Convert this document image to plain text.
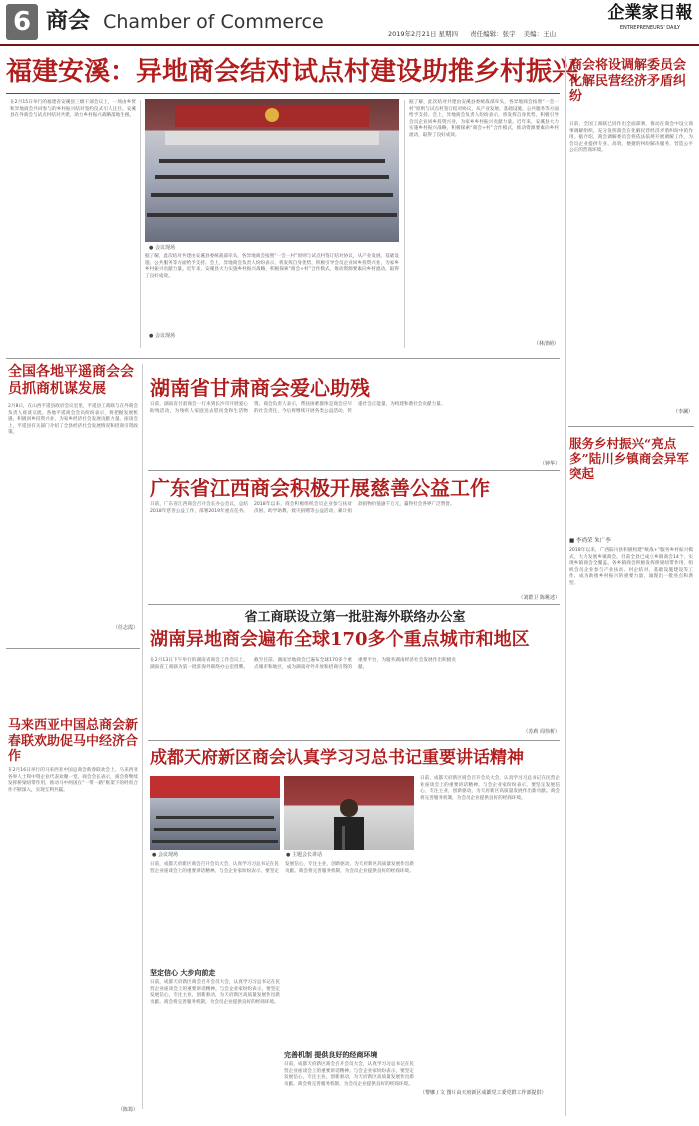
6 商会 Chamber of Commerce
2019年2月21日 星期四 责任编辑：张宇 美编：王山
企業家日報
ENTREPRENEURS' DAILY
福建安溪：异地商会结对试点村建设助推乡村振兴
在2月15日举行的福建省安溪县三级干部会议上，一场由乡贤和异地商会共同参与的乡村振兴结对签约仪式引人注目。安溪县在外商会与试点村结对共建，助力乡村振兴战略落地生根。
● 会议现场
● 会议现场
据了解，此次结对共建由安溪县委统战部牵头，各异地商会按照“一会一村”原则与试点村签订结对协议，从产业发展、基础设施、公共服务等方面给予支持。会上，异地商会负责人纷纷表示，将发挥自身优势，积极引导会员企业回乡投资兴业，为家乡乡村振兴贡献力量。近年来，安溪县大力实施乡村振兴战略，积极探索“商会+村”合作模式，推动资源要素向乡村流动，取得了良好成效。
据了解，此次结对共建由安溪县委统战部牵头，各异地商会按照“一会一村”原则与试点村签订结对协议，从产业发展、基础设施、公共服务等方面给予支持。会上，异地商会负责人纷纷表示，将发挥自身优势，积极引导会员企业回乡投资兴业，为家乡乡村振兴贡献力量。近年来，安溪县大力实施乡村振兴战略，积极探索“商会+村”合作模式，推动资源要素向乡村流动，取得了良好成效。
（林清萌）
商会将设调解委员会化解民营经济矛盾纠纷
日前，全国工商联已同作出全面部署，推动在商会中设立商事调解组织，充分发挥商会在化解民营经济矛盾纠纷中的作用。据介绍，商会调解委员会将依法依规开展调解工作，为会员企业提供专业、高效、便捷的纠纷解决服务，营造公平公正的营商环境。
（李澜）
全国各地平遥商会会员抓商机谋发展
2月8日，在山西平遥县政府会议室里，平遥县工商联与在外商会负责人座谈交流。各地平遥商会会员纷纷表示，将把握发展机遇，积极回乡投资兴业，为家乡经济社会发展贡献力量。座谈会上，平遥县有关部门介绍了全县经济社会发展情况和招商引资政策。
（任志霞）
湖南省甘肃商会爱心助残
日前，湖南省甘肃商会一行来到长沙市开展爱心助残活动，为残疾人家庭送去慰问金和生活物资。商会负责人表示，帮扶困难群体是商会应尽的社会责任，今后将继续开展各类公益活动，传递社会正能量，为构建和谐社会贡献力量。
（钟华）
广东省江西商会积极开展慈善公益工作
日前，广东省江西商会召开会长办公会议，总结2018年慈善公益工作，部署2019年重点任务。2018年以来，商会积极组织会员企业参与扶贫济困、助学助教、救灾捐赠等公益活动，累计捐款捐物价值逾千万元，赢得社会各界广泛赞誉。
（刘群卫 陈桃述）
省工商联设立第一批驻海外联络办公室
湖南异地商会遍布全球170多个重点城市和地区
在2月13日下午举行的湖南省商会工作会议上，湖南省工商联为第一批驻海外联络办公室授牌。截至目前，湖南异地商会已遍布全球170多个重点城市和地区，成为湖南对外开放和招商引资的重要平台，为服务湖南经济社会发展作出积极贡献。
（苏莉 周伟析）
马来西亚中国总商会新春联欢助促马中经济合作
在2月16日举行的马来西亚中国总商会新春联欢会上，马来西亚各界人士和中资企业代表欢聚一堂。商会会长表示，商会将继续发挥桥梁纽带作用，推动马中两国在“一带一路”框架下的经贸合作不断深入，实现互利共赢。
（陈筠）
成都天府新区商会认真学习习总书记重要讲话精神
● 会议现场	● 主题会长讲话
日前，成都天府新区商会召开会员大会，认真学习习总书记在民营企业座谈会上的重要讲话精神。与会企业家纷纷表示，要坚定发展信心，专注主业，创新驱动，为天府新区高质量发展作出新贡献。商会将完善服务机制，为会员企业提供良好的经商环境。
坚定信心 大步向前走
日前，成都天府新区商会召开会员大会，认真学习习总书记在民营企业座谈会上的重要讲话精神。与会企业家纷纷表示，要坚定发展信心，专注主业，创新驱动，为天府新区高质量发展作出新贡献。商会将完善服务机制，为会员企业提供良好的经商环境。
完善机制 提供良好的经商环境
日前，成都天府新区商会召开会员大会，认真学习习总书记在民营企业座谈会上的重要讲话精神。与会企业家纷纷表示，要坚定发展信心，专注主业，创新驱动，为天府新区高质量发展作出新贡献。商会将完善服务机制，为会员企业提供良好的经商环境。
日前，成都天府新区商会召开会员大会，认真学习习总书记在民营企业座谈会上的重要讲话精神。与会企业家纷纷表示，要坚定发展信心，专注主业，创新驱动，为天府新区高质量发展作出新贡献。商会将完善服务机制，为会员企业提供良好的经商环境。
（黎娜 / 文 图片由天府新区成都党工委党群工作部提供）
服务乡村振兴“亮点多”陆川乡镇商会异军突起
■ 李尚荣 朱广李
2018年以来，广西陆川县积极构建“统战+”服务乡村振兴模式，大力发展乡镇商会。目前全县已成立乡镇商会14个，实现乡镇商会全覆盖。各乡镇商会积极发挥桥梁纽带作用，组织会员企业参与产业扶贫、村企结对、基础设施建设等工作，成为助推乡村振兴的重要力量，涌现出一批亮点和典型。
